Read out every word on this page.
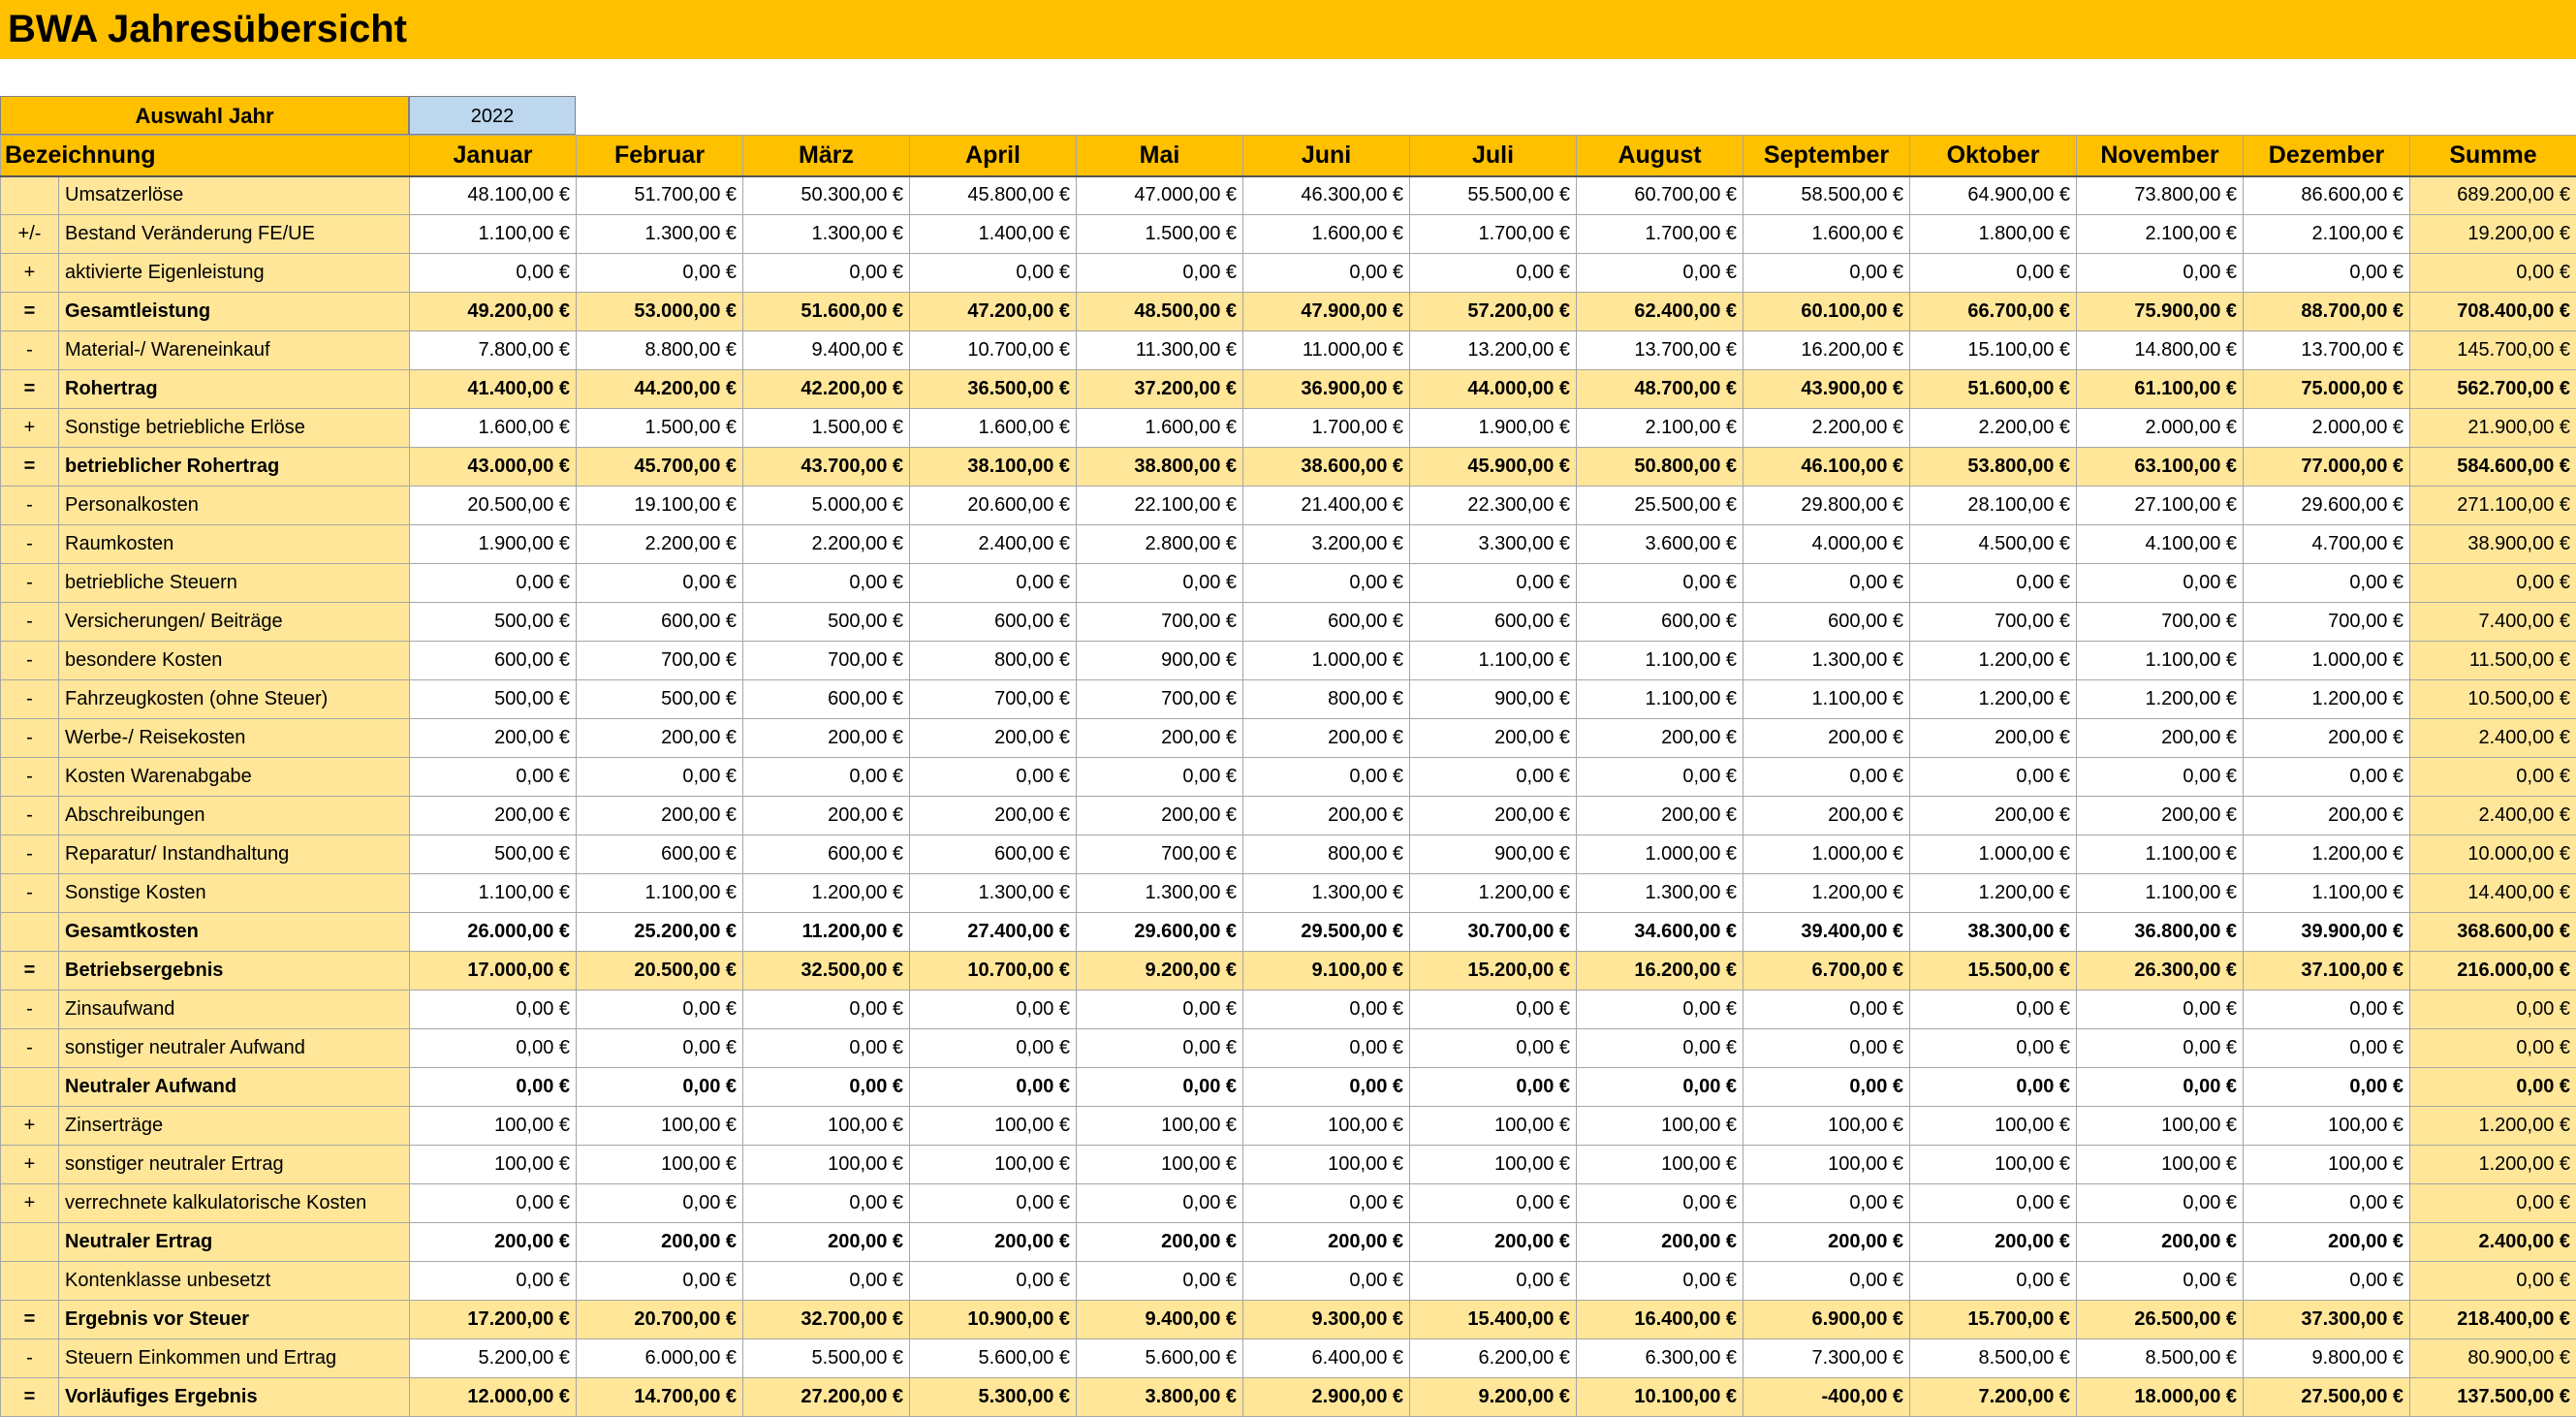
BWA Jahresübersicht
Auswahl Jahr	2022
Bezeichnung		Januar	Februar	März	April	Mai	Juni	Juli	August	September	Oktober	November	Dezember	Summe
	Umsatzerlöse	48.100,00 €	51.700,00 €	50.300,00 €	45.800,00 €	47.000,00 €	46.300,00 €	55.500,00 €	60.700,00 €	58.500,00 €	64.900,00 €	73.800,00 €	86.600,00 €	689.200,00 €
+/-	Bestand Veränderung FE/UE	1.100,00 €	1.300,00 €	1.300,00 €	1.400,00 €	1.500,00 €	1.600,00 €	1.700,00 €	1.700,00 €	1.600,00 €	1.800,00 €	2.100,00 €	2.100,00 €	19.200,00 €
+	aktivierte Eigenleistung	0,00 €	0,00 €	0,00 €	0,00 €	0,00 €	0,00 €	0,00 €	0,00 €	0,00 €	0,00 €	0,00 €	0,00 €	0,00 €
=	Gesamtleistung	49.200,00 €	53.000,00 €	51.600,00 €	47.200,00 €	48.500,00 €	47.900,00 €	57.200,00 €	62.400,00 €	60.100,00 €	66.700,00 €	75.900,00 €	88.700,00 €	708.400,00 €
-	Material-/ Wareneinkauf	7.800,00 €	8.800,00 €	9.400,00 €	10.700,00 €	11.300,00 €	11.000,00 €	13.200,00 €	13.700,00 €	16.200,00 €	15.100,00 €	14.800,00 €	13.700,00 €	145.700,00 €
=	Rohertrag	41.400,00 €	44.200,00 €	42.200,00 €	36.500,00 €	37.200,00 €	36.900,00 €	44.000,00 €	48.700,00 €	43.900,00 €	51.600,00 €	61.100,00 €	75.000,00 €	562.700,00 €
+	Sonstige betriebliche Erlöse	1.600,00 €	1.500,00 €	1.500,00 €	1.600,00 €	1.600,00 €	1.700,00 €	1.900,00 €	2.100,00 €	2.200,00 €	2.200,00 €	2.000,00 €	2.000,00 €	21.900,00 €
=	betrieblicher Rohertrag	43.000,00 €	45.700,00 €	43.700,00 €	38.100,00 €	38.800,00 €	38.600,00 €	45.900,00 €	50.800,00 €	46.100,00 €	53.800,00 €	63.100,00 €	77.000,00 €	584.600,00 €
-	Personalkosten	20.500,00 €	19.100,00 €	5.000,00 €	20.600,00 €	22.100,00 €	21.400,00 €	22.300,00 €	25.500,00 €	29.800,00 €	28.100,00 €	27.100,00 €	29.600,00 €	271.100,00 €
-	Raumkosten	1.900,00 €	2.200,00 €	2.200,00 €	2.400,00 €	2.800,00 €	3.200,00 €	3.300,00 €	3.600,00 €	4.000,00 €	4.500,00 €	4.100,00 €	4.700,00 €	38.900,00 €
-	betriebliche Steuern	0,00 €	0,00 €	0,00 €	0,00 €	0,00 €	0,00 €	0,00 €	0,00 €	0,00 €	0,00 €	0,00 €	0,00 €	0,00 €
-	Versicherungen/ Beiträge	500,00 €	600,00 €	500,00 €	600,00 €	700,00 €	600,00 €	600,00 €	600,00 €	600,00 €	700,00 €	700,00 €	700,00 €	7.400,00 €
-	besondere Kosten	600,00 €	700,00 €	700,00 €	800,00 €	900,00 €	1.000,00 €	1.100,00 €	1.100,00 €	1.300,00 €	1.200,00 €	1.100,00 €	1.000,00 €	11.500,00 €
-	Fahrzeugkosten (ohne Steuer)	500,00 €	500,00 €	600,00 €	700,00 €	700,00 €	800,00 €	900,00 €	1.100,00 €	1.100,00 €	1.200,00 €	1.200,00 €	1.200,00 €	10.500,00 €
-	Werbe-/ Reisekosten	200,00 €	200,00 €	200,00 €	200,00 €	200,00 €	200,00 €	200,00 €	200,00 €	200,00 €	200,00 €	200,00 €	200,00 €	2.400,00 €
-	Kosten Warenabgabe	0,00 €	0,00 €	0,00 €	0,00 €	0,00 €	0,00 €	0,00 €	0,00 €	0,00 €	0,00 €	0,00 €	0,00 €	0,00 €
-	Abschreibungen	200,00 €	200,00 €	200,00 €	200,00 €	200,00 €	200,00 €	200,00 €	200,00 €	200,00 €	200,00 €	200,00 €	200,00 €	2.400,00 €
-	Reparatur/ Instandhaltung	500,00 €	600,00 €	600,00 €	600,00 €	700,00 €	800,00 €	900,00 €	1.000,00 €	1.000,00 €	1.000,00 €	1.100,00 €	1.200,00 €	10.000,00 €
-	Sonstige Kosten	1.100,00 €	1.100,00 €	1.200,00 €	1.300,00 €	1.300,00 €	1.300,00 €	1.200,00 €	1.300,00 €	1.200,00 €	1.200,00 €	1.100,00 €	1.100,00 €	14.400,00 €
	Gesamtkosten	26.000,00 €	25.200,00 €	11.200,00 €	27.400,00 €	29.600,00 €	29.500,00 €	30.700,00 €	34.600,00 €	39.400,00 €	38.300,00 €	36.800,00 €	39.900,00 €	368.600,00 €
=	Betriebsergebnis	17.000,00 €	20.500,00 €	32.500,00 €	10.700,00 €	9.200,00 €	9.100,00 €	15.200,00 €	16.200,00 €	6.700,00 €	15.500,00 €	26.300,00 €	37.100,00 €	216.000,00 €
-	Zinsaufwand	0,00 €	0,00 €	0,00 €	0,00 €	0,00 €	0,00 €	0,00 €	0,00 €	0,00 €	0,00 €	0,00 €	0,00 €	0,00 €
-	sonstiger neutraler Aufwand	0,00 €	0,00 €	0,00 €	0,00 €	0,00 €	0,00 €	0,00 €	0,00 €	0,00 €	0,00 €	0,00 €	0,00 €	0,00 €
	Neutraler Aufwand	0,00 €	0,00 €	0,00 €	0,00 €	0,00 €	0,00 €	0,00 €	0,00 €	0,00 €	0,00 €	0,00 €	0,00 €	0,00 €
+	Zinserträge	100,00 €	100,00 €	100,00 €	100,00 €	100,00 €	100,00 €	100,00 €	100,00 €	100,00 €	100,00 €	100,00 €	100,00 €	1.200,00 €
+	sonstiger neutraler Ertrag	100,00 €	100,00 €	100,00 €	100,00 €	100,00 €	100,00 €	100,00 €	100,00 €	100,00 €	100,00 €	100,00 €	100,00 €	1.200,00 €
+	verrechnete kalkulatorische Kosten	0,00 €	0,00 €	0,00 €	0,00 €	0,00 €	0,00 €	0,00 €	0,00 €	0,00 €	0,00 €	0,00 €	0,00 €	0,00 €
	Neutraler Ertrag	200,00 €	200,00 €	200,00 €	200,00 €	200,00 €	200,00 €	200,00 €	200,00 €	200,00 €	200,00 €	200,00 €	200,00 €	2.400,00 €
	Kontenklasse unbesetzt	0,00 €	0,00 €	0,00 €	0,00 €	0,00 €	0,00 €	0,00 €	0,00 €	0,00 €	0,00 €	0,00 €	0,00 €	0,00 €
=	Ergebnis vor Steuer	17.200,00 €	20.700,00 €	32.700,00 €	10.900,00 €	9.400,00 €	9.300,00 €	15.400,00 €	16.400,00 €	6.900,00 €	15.700,00 €	26.500,00 €	37.300,00 €	218.400,00 €
-	Steuern Einkommen und Ertrag	5.200,00 €	6.000,00 €	5.500,00 €	5.600,00 €	5.600,00 €	6.400,00 €	6.200,00 €	6.300,00 €	7.300,00 €	8.500,00 €	8.500,00 €	9.800,00 €	80.900,00 €
=	Vorläufiges Ergebnis	12.000,00 €	14.700,00 €	27.200,00 €	5.300,00 €	3.800,00 €	2.900,00 €	9.200,00 €	10.100,00 €	-400,00 €	7.200,00 €	18.000,00 €	27.500,00 €	137.500,00 €
